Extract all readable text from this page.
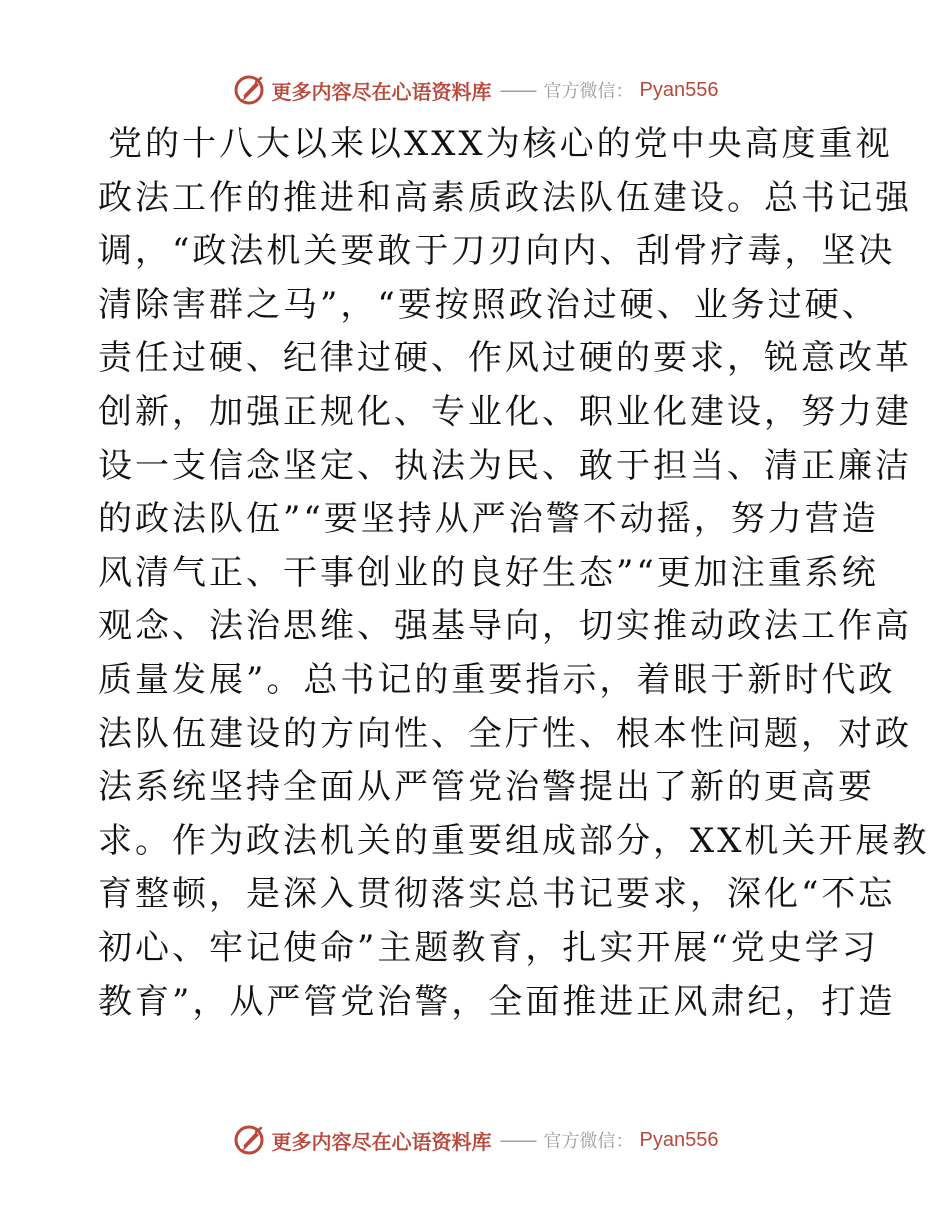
更多内容尽在心语资料库 —— 官方微信： Pyan556
党的十八大以来以XXX为核心的党中央高度重视
政法工作的推进和高素质政法队伍建设。总书记强
调，“政法机关要敢于刀刃向内、刮骨疗毒，坚决
清除害群之马”，“要按照政治过硬、业务过硬、
责任过硬、纪律过硬、作风过硬的要求，锐意改革
创新，加强正规化、专业化、职业化建设，努力建
设一支信念坚定、执法为民、敢于担当、清正廉洁
的政法队伍”“要坚持从严治警不动摇，努力营造
风清气正、干事创业的良好生态”“更加注重系统
观念、法治思维、强基导向，切实推动政法工作高
质量发展”。总书记的重要指示，着眼于新时代政
法队伍建设的方向性、全厅性、根本性问题，对政
法系统坚持全面从严管党治警提出了新的更高要
求。作为政法机关的重要组成部分，XX机关开展教
育整顿，是深入贯彻落实总书记要求，深化“不忘
初心、牢记使命”主题教育，扎实开展“党史学习
教育”，从严管党治警，全面推进正风肃纪，打造
更多内容尽在心语资料库 —— 官方微信： Pyan556
